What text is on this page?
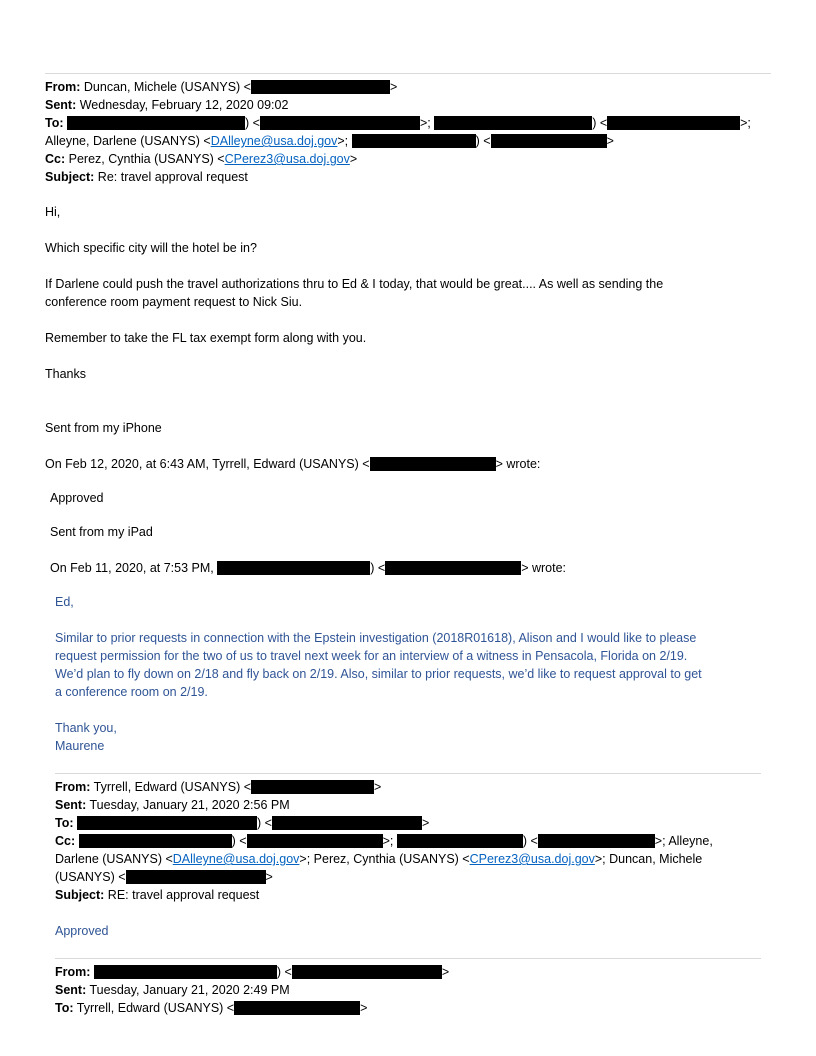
From: Duncan, Michele (USANYS) <	>
Sent: Wednesday, February 12, 2020 09:02
To:	) <	>;	) <	>;
Alleyne, Darlene (USANYS) <DAlleyne@usa.doj.gov>;	) <	>
Cc: Perez, Cynthia (USANYS) <CPerez3@usa.doj.gov>
Subject: Re: travel approval request
Hi,
Which specific city will the hotel be in?
If Darlene could push the travel authorizations thru to Ed & I today, that would be great.... As well as sending the
conference room payment request to Nick Siu.
Remember to take the FL tax exempt form along with you.
Thanks
Sent from my iPhone
On Feb 12, 2020, at 6:43 AM, Tyrrell, Edward (USANYS) <	> wrote:
Approved
Sent from my iPad
On Feb 11, 2020, at 7:53 PM,	) <	> wrote:
Ed,
Similar to prior requests in connection with the Epstein investigation (2018R01618), Alison and I would like to please
request permission for the two of us to travel next week for an interview of a witness in Pensacola, Florida on 2/19.
We’d plan to fly down on 2/18 and fly back on 2/19. Also, similar to prior requests, we’d like to request approval to get
a conference room on 2/19.
Thank you,
Maurene
From: Tyrrell, Edward (USANYS) <	>
Sent: Tuesday, January 21, 2020 2:56 PM
To:	) <	>
Cc:	) <	>;	) <	>; Alleyne,
Darlene (USANYS) <DAlleyne@usa.doj.gov>; Perez, Cynthia (USANYS) <CPerez3@usa.doj.gov>; Duncan, Michele
(USANYS) <	>
Subject: RE: travel approval request
Approved
From:	) <	>
Sent: Tuesday, January 21, 2020 2:49 PM
To: Tyrrell, Edward (USANYS) <	>
